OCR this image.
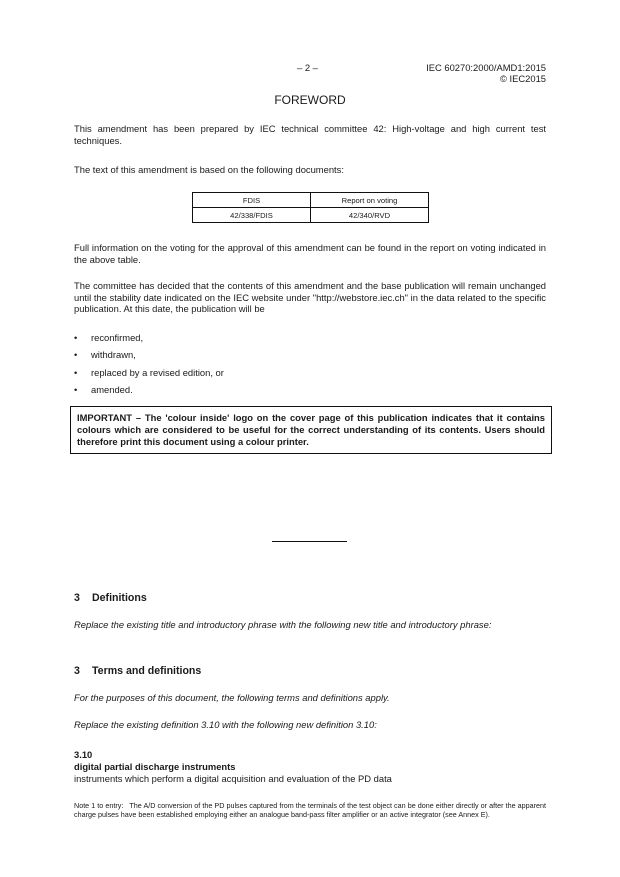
– 2 –	IEC 60270:2000/AMD1:2015
© IEC2015
FOREWORD
This amendment has been prepared by IEC technical committee 42: High-voltage and high current test techniques.
The text of this amendment is based on the following documents:
FDIS	Report on voting
42/338/FDIS	42/340/RVD
Full information on the voting for the approval of this amendment can be found in the report on voting indicated in the above table.
The committee has decided that the contents of this amendment and the base publication will remain unchanged until the stability date indicated on the IEC website under "http://webstore.iec.ch" in the data related to the specific publication. At this date, the publication will be
• reconfirmed,
• withdrawn,
• replaced by a revised edition, or
• amended.
IMPORTANT – The 'colour inside' logo on the cover page of this publication indicates that it contains colours which are considered to be useful for the correct understanding of its contents. Users should therefore print this document using a colour printer.
3 Definitions
Replace the existing title and introductory phrase with the following new title and introductory phrase:
3 Terms and definitions
For the purposes of this document, the following terms and definitions apply.
Replace the existing definition 3.10 with the following new definition 3.10:
3.10
digital partial discharge instruments
instruments which perform a digital acquisition and evaluation of the PD data
Note 1 to entry:   The A/D conversion of the PD pulses captured from the terminals of the test object can be done either directly or after the apparent charge pulses have been established employing either an analogue band-pass filter amplifier or an active integrator (see Annex E).
